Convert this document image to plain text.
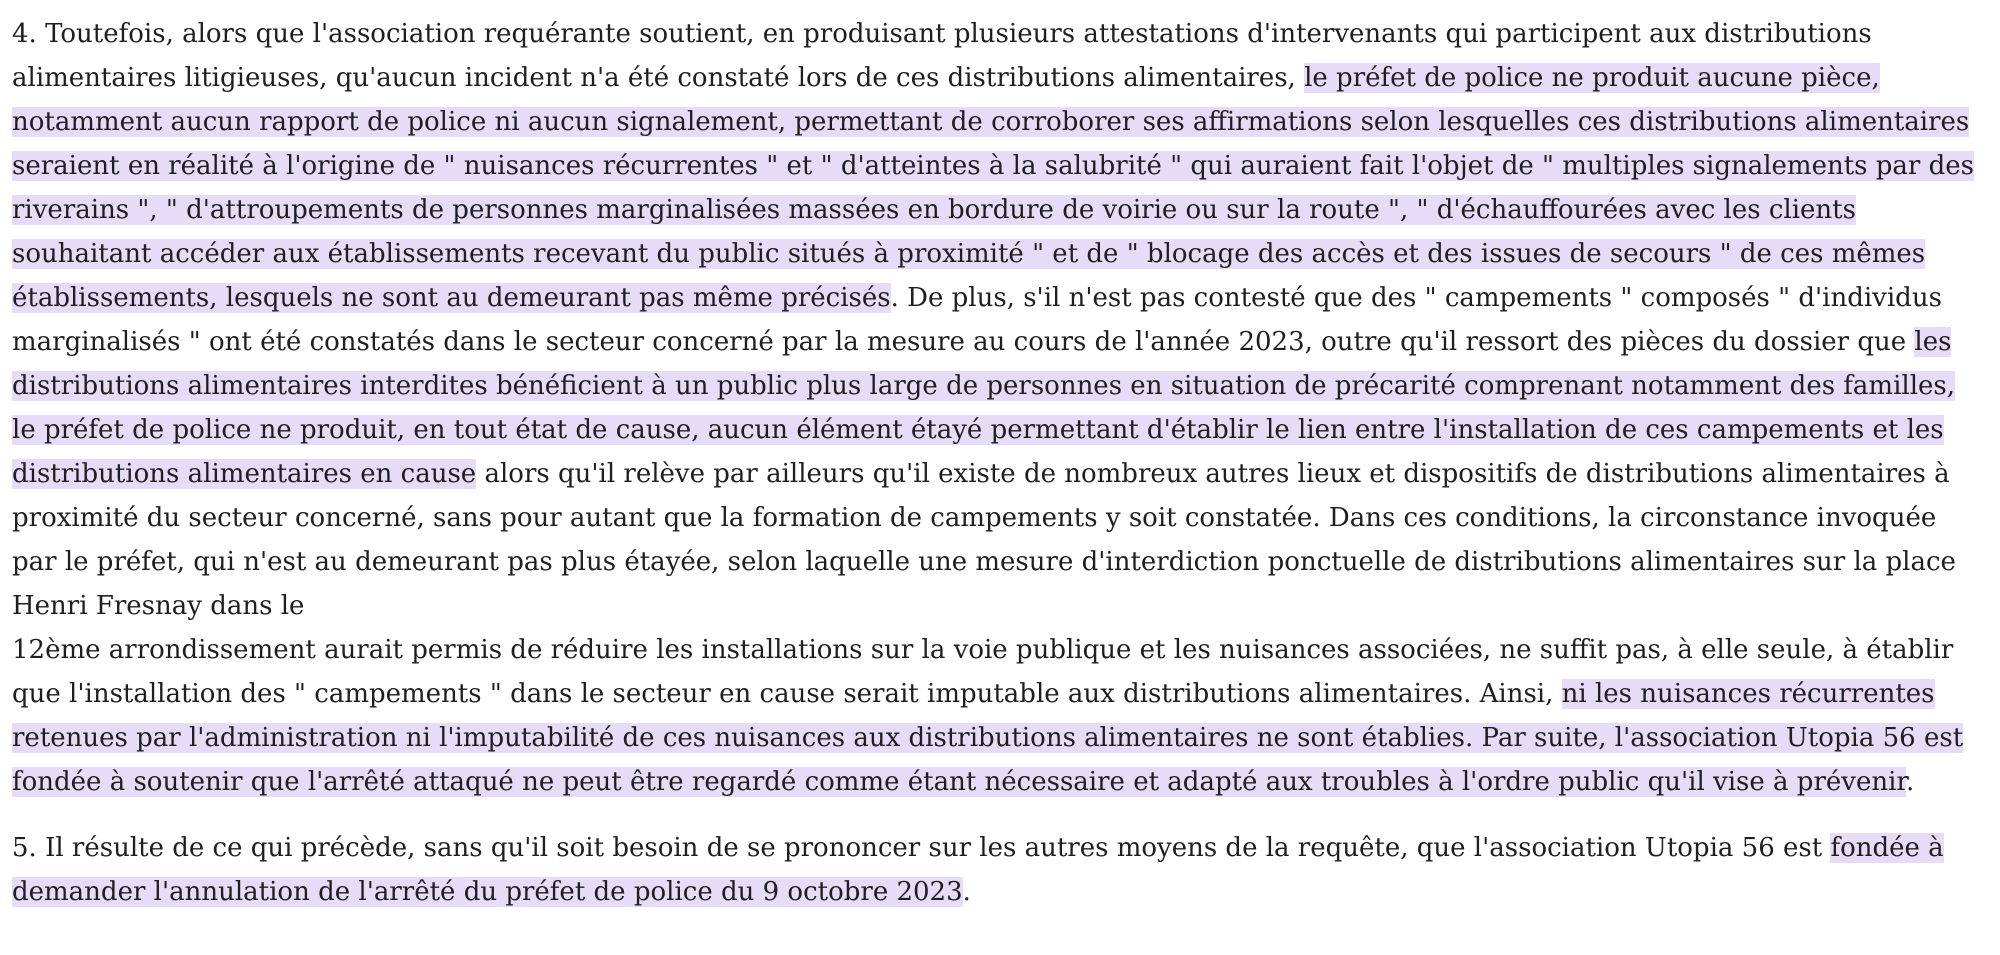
4. Toutefois, alors que l'association requérante soutient, en produisant plusieurs attestations d'intervenants qui participent aux distributions alimentaires litigieuses, qu'aucun incident n'a été constaté lors de ces distributions alimentaires, le préfet de police ne produit aucune pièce, notamment aucun rapport de police ni aucun signalement, permettant de corroborer ses affirmations selon lesquelles ces distributions alimentaires seraient en réalité à l'origine de " nuisances récurrentes " et " d'atteintes à la salubrité " qui auraient fait l'objet de " multiples signalements par des riverains ", " d'attroupements de personnes marginalisées massées en bordure de voirie ou sur la route ", " d'échauffourées avec les clients souhaitant accéder aux établissements recevant du public situés à proximité " et de " blocage des accès et des issues de secours " de ces mêmes établissements, lesquels ne sont au demeurant pas même précisés. De plus, s'il n'est pas contesté que des " campements " composés " d'individus marginalisés " ont été constatés dans le secteur concerné par la mesure au cours de l'année 2023, outre qu'il ressort des pièces du dossier que les distributions alimentaires interdites bénéficient à un public plus large de personnes en situation de précarité comprenant notamment des familles, le préfet de police ne produit, en tout état de cause, aucun élément étayé permettant d'établir le lien entre l'installation de ces campements et les distributions alimentaires en cause alors qu'il relève par ailleurs qu'il existe de nombreux autres lieux et dispositifs de distributions alimentaires à proximité du secteur concerné, sans pour autant que la formation de campements y soit constatée. Dans ces conditions, la circonstance invoquée par le préfet, qui n'est au demeurant pas plus étayée, selon laquelle une mesure d'interdiction ponctuelle de distributions alimentaires sur la place Henri Fresnay dans le
12ème arrondissement aurait permis de réduire les installations sur la voie publique et les nuisances associées, ne suffit pas, à elle seule, à établir que l'installation des " campements " dans le secteur en cause serait imputable aux distributions alimentaires. Ainsi, ni les nuisances récurrentes retenues par l'administration ni l'imputabilité de ces nuisances aux distributions alimentaires ne sont établies. Par suite, l'association Utopia 56 est fondée à soutenir que l'arrêté attaqué ne peut être regardé comme étant nécessaire et adapté aux troubles à l'ordre public qu'il vise à prévenir.

5. Il résulte de ce qui précède, sans qu'il soit besoin de se prononcer sur les autres moyens de la requête, que l'association Utopia 56 est fondée à demander l'annulation de l'arrêté du préfet de police du 9 octobre 2023.
